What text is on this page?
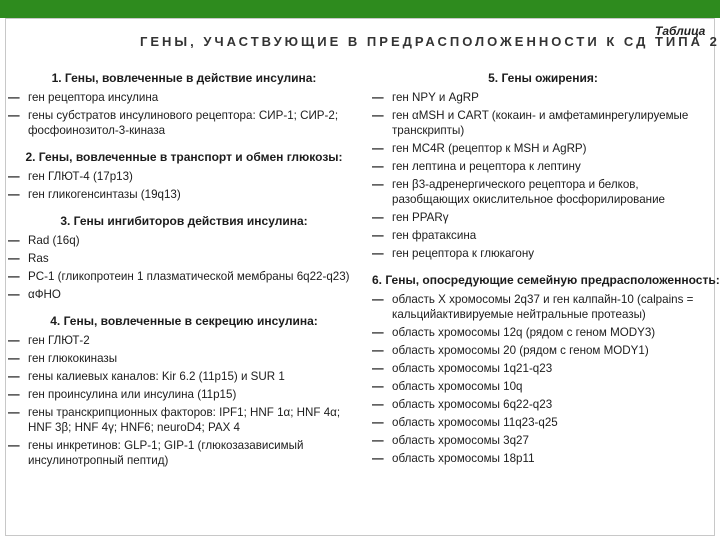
Таблица
ГЕНЫ, УЧАСТВУЮЩИЕ В ПРЕДРАСПОЛОЖЕННОСТИ К СД ТИПА 2
1. Гены, вовлеченные в действие инсулина:
— ген рецептора инсулина
— гены субстратов инсулинового рецептора: СИР-1; СИР-2; фосфоинозитол-3-киназа
2. Гены, вовлеченные в транспорт и обмен глюкозы:
— ген ГЛЮТ-4 (17p13)
— ген гликогенсинтазы (19q13)
3. Гены ингибиторов действия инсулина:
— Rad (16q)
— Ras
— PC-1 (гликопротеин 1 плазматической мембраны 6q22-q23)
— αФНО
4. Гены, вовлеченные в секрецию инсулина:
— ген ГЛЮТ-2
— ген глюкокиназы
— гены калиевых каналов: Kir 6.2 (11p15) и SUR 1
— ген проинсулина или инсулина (11p15)
— гены транскрипционных факторов: IPF1; HNF 1α; HNF 4α; HNF 3β; HNF 4γ; HNF6; neuroD4; PAX 4
— гены инкретинов: GLP-1; GIP-1 (глюкозазависимый инсулинотропный пептид)
5. Гены ожирения:
— ген NPY и AgRP
— ген αMSH и CART (кокаин- и амфетаминрегулируемые транскрипты)
— ген MC4R (рецептор к MSH и AgRP)
— ген лептина и рецептора к лептину
— ген β3-адренергического рецептора и белков, разобщающих окислительное фосфорилирование
— ген PPARγ
— ген фратаксина
— ген рецептора к глюкагону
6. Гены, опосредующие семейную предрасположенность:
— область X хромосомы 2q37 и ген калпайн-10 (calpains = кальцийактивируемые нейтральные протеазы)
— область хромосомы 12q (рядом с геном MODY3)
— область хромосомы 20 (рядом с геном MODY1)
— область хромосомы 1q21-q23
— область хромосомы 10q
— область хромосомы 6q22-q23
— область хромосомы 11q23-q25
— область хромосомы 3q27
— область хромосомы 18p11
